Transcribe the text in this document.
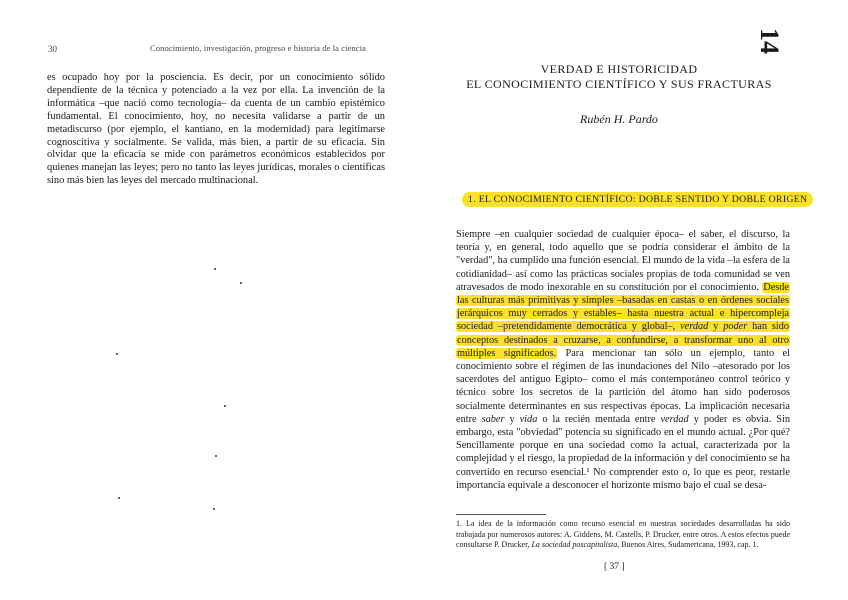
30	Conocimiento, investigación, progreso e historia de la ciencia

es ocupado hoy por la posciencia. Es decir, por un conocimiento sólido dependiente de la técnica y potenciado a la vez por ella. La invención de la informática –que nació como tecnología– da cuenta de un cambio epistémico fundamental. El conocimiento, hoy, no necesita validarse a partir de un metadiscurso (por ejemplo, el kantiano, en la modernidad) para legitimarse cognoscitiva y socialmente. Se valida, más bien, a partir de su eficacia. Sin olvidar que la eficacia se mide con parámetros económicos establecidos por quienes manejan las leyes; pero no tanto las leyes jurídicas, morales o científicas sino más bien las leyes del mercado multinacional.

14
VERDAD E HISTORICIDAD
EL CONOCIMIENTO CIENTÍFICO Y SUS FRACTURAS
Rubén H. Pardo
1. EL CONOCIMIENTO CIENTÍFICO: DOBLE SENTIDO Y DOBLE ORIGEN

Siempre –en cualquier sociedad de cualquier época– el saber, el discurso, la teoría y, en general, todo aquello que se podría considerar el ámbito de la "verdad", ha cumplido una función esencial. El mundo de la vida –la esfera de la cotidianidad– así como las prácticas sociales propias de toda comunidad se ven atravesados de modo inexorable en su constitución por el conocimiento. Desde las culturas más primitivas y simples –basadas en castas o en órdenes sociales jerárquicos muy cerrados y estables– hasta nuestra actual e hipercompleja sociedad –pretendidamente democrática y global–, verdad y poder han sido conceptos destinados a cruzarse, a confundirse, a transformar uno al otro múltiples significados. Para mencionar tan sólo un ejemplo, tanto el conocimiento sobre el régimen de las inundaciones del Nilo –atesorado por los sacerdotes del antiguo Egipto– como el más contemporáneo control teórico y técnico sobre los secretos de la partición del átomo han sido poderosos socialmente determinantes en sus respectivas épocas. La implicación necesaria entre saber y vida o la recién mentada entre verdad y poder es obvia. Sin embargo, esta "obviedad" potencia su significado en el mundo actual. ¿Por qué? Sencillamente porque en una sociedad como la actual, caracterizada por la complejidad y el riesgo, la propiedad de la información y del conocimiento se ha convertido en recurso esencial.¹ No comprender esto o, lo que es peor, restarle importancia equivale a desconocer el horizonte mismo bajo el cual se desa-

1. La idea de la información como recurso esencial en nuestras sociedades desarrolladas ha sido trabajada por numerosos autores: A. Giddens, M. Castells, P. Drucker, entre otros. A estos efectos puede consultarse P. Drucker, La sociedad poscapitalista, Buenos Aires, Sudamericana, 1993, cap. 1.

[ 37 ]
